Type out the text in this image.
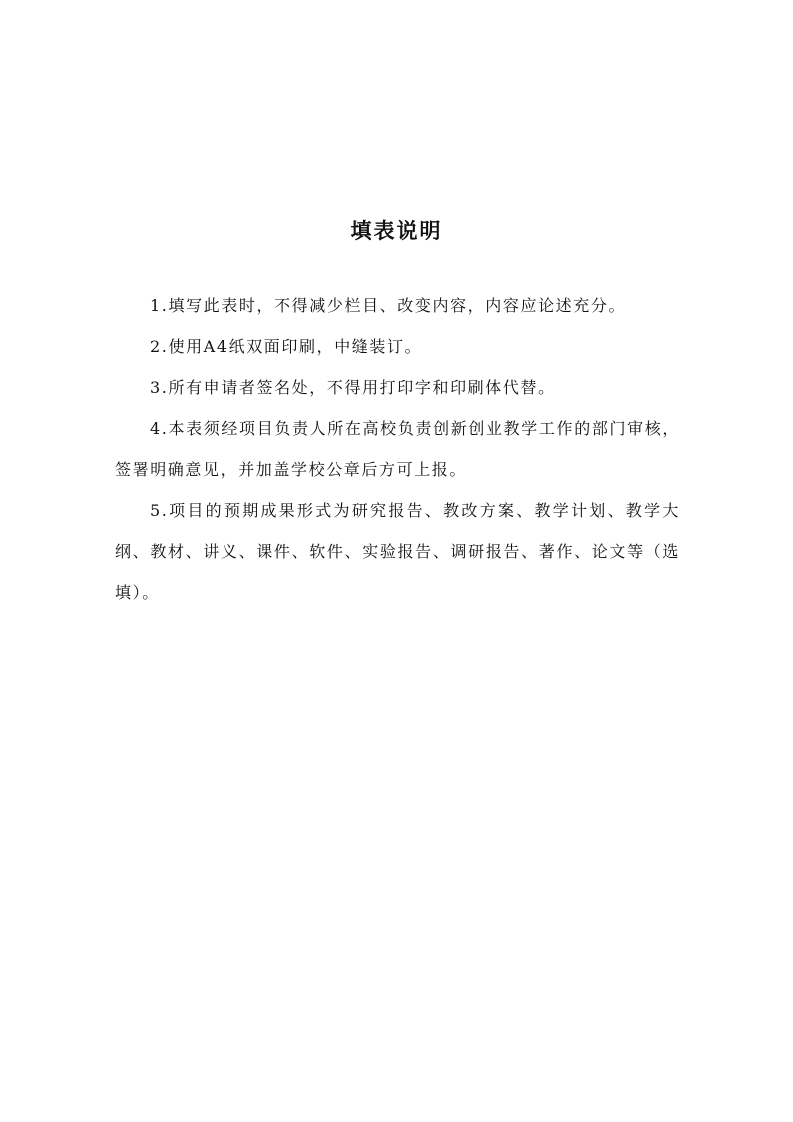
填表说明

1.填写此表时，不得减少栏目、改变内容，内容应论述充分。

2.使用A4纸双面印刷，中缝装订。

3.所有申请者签名处，不得用打印字和印刷体代替。

4.本表须经项目负责人所在高校负责创新创业教学工作的部门审核，签署明确意见，并加盖学校公章后方可上报。

5.项目的预期成果形式为研究报告、教改方案、教学计划、教学大纲、教材、讲义、课件、软件、实验报告、调研报告、著作、论文等（选填）。
